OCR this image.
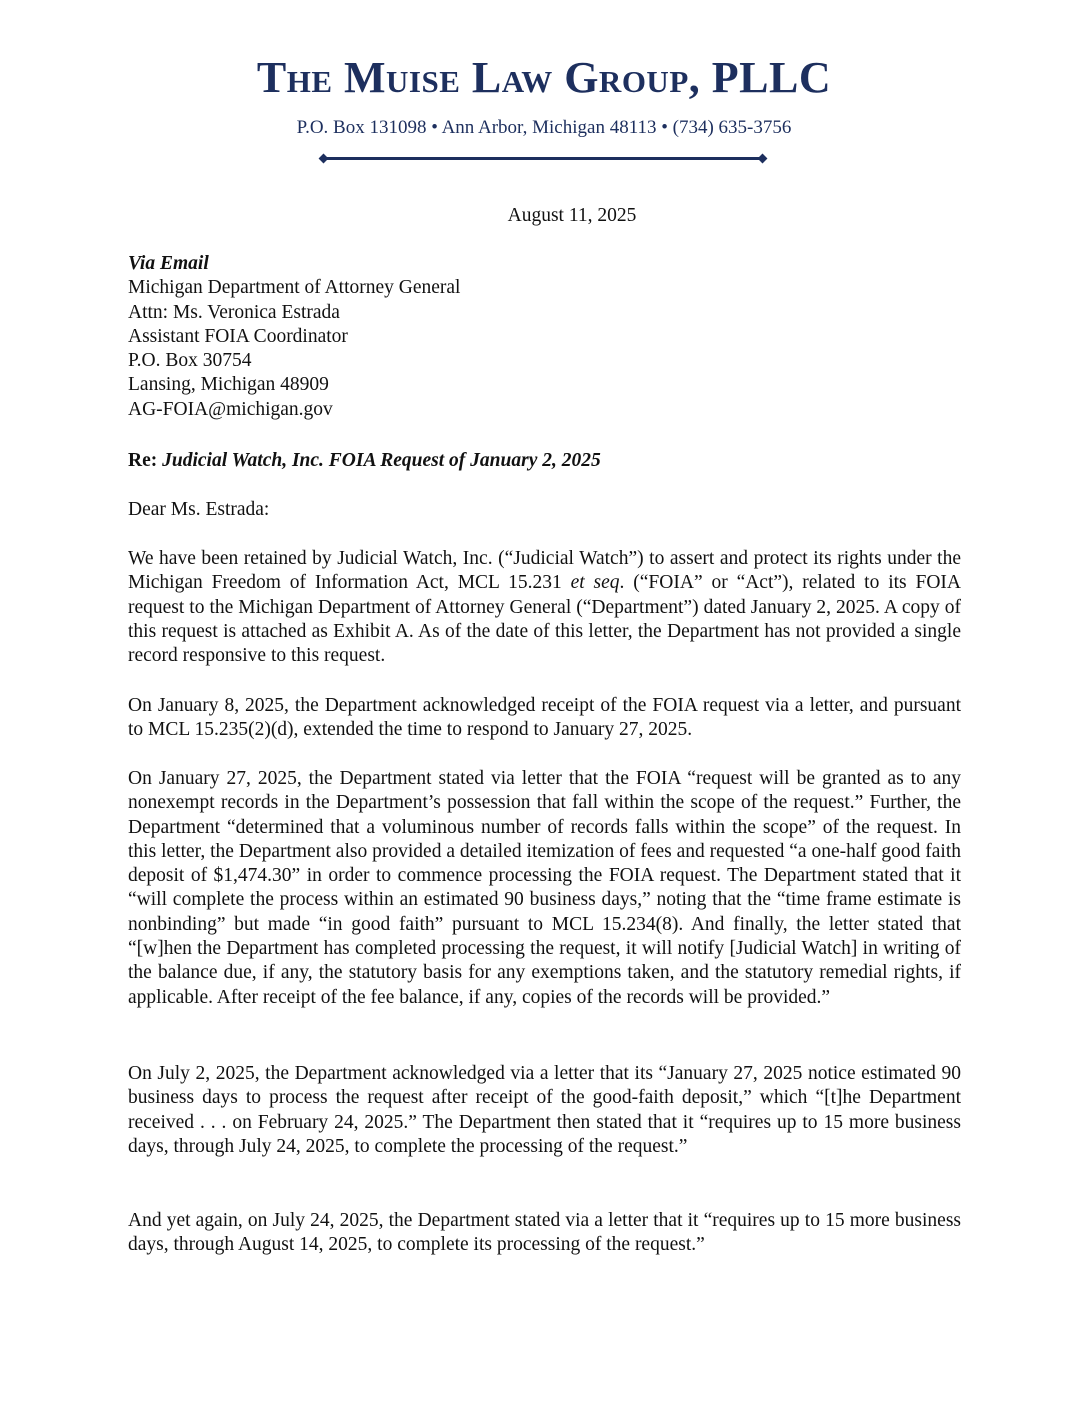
The Muise Law Group, PLLC
P.O. Box 131098 • Ann Arbor, Michigan 48113 • (734) 635-3756
August 11, 2025
Via Email
Michigan Department of Attorney General
Attn: Ms. Veronica Estrada
Assistant FOIA Coordinator
P.O. Box 30754
Lansing, Michigan 48909
AG-FOIA@michigan.gov
Re: Judicial Watch, Inc. FOIA Request of January 2, 2025
Dear Ms. Estrada:

We have been retained by Judicial Watch, Inc. (“Judicial Watch”) to assert and protect its rights under the Michigan Freedom of Information Act, MCL 15.231 et seq. (“FOIA” or “Act”), related to its FOIA request to the Michigan Department of Attorney General (“Department”) dated January 2, 2025. A copy of this request is attached as Exhibit A. As of the date of this letter, the Department has not provided a single record responsive to this request.

On January 8, 2025, the Department acknowledged receipt of the FOIA request via a letter, and pursuant to MCL 15.235(2)(d), extended the time to respond to January 27, 2025.

On January 27, 2025, the Department stated via letter that the FOIA “request will be granted as to any nonexempt records in the Department’s possession that fall within the scope of the request.” Further, the Department “determined that a voluminous number of records falls within the scope” of the request. In this letter, the Department also provided a detailed itemization of fees and requested “a one-half good faith deposit of $1,474.30” in order to commence processing the FOIA request. The Department stated that it “will complete the process within an estimated 90 business days,” noting that the “time frame estimate is nonbinding” but made “in good faith” pursuant to MCL 15.234(8). And finally, the letter stated that “[w]hen the Department has completed processing the request, it will notify [Judicial Watch] in writing of the balance due, if any, the statutory basis for any exemptions taken, and the statutory remedial rights, if applicable. After receipt of the fee balance, if any, copies of the records will be provided.”

On July 2, 2025, the Department acknowledged via a letter that its “January 27, 2025 notice estimated 90 business days to process the request after receipt of the good-faith deposit,” which “[t]he Department received . . . on February 24, 2025.” The Department then stated that it “requires up to 15 more business days, through July 24, 2025, to complete the processing of the request.”

And yet again, on July 24, 2025, the Department stated via a letter that it “requires up to 15 more business days, through August 14, 2025, to complete its processing of the request.”
